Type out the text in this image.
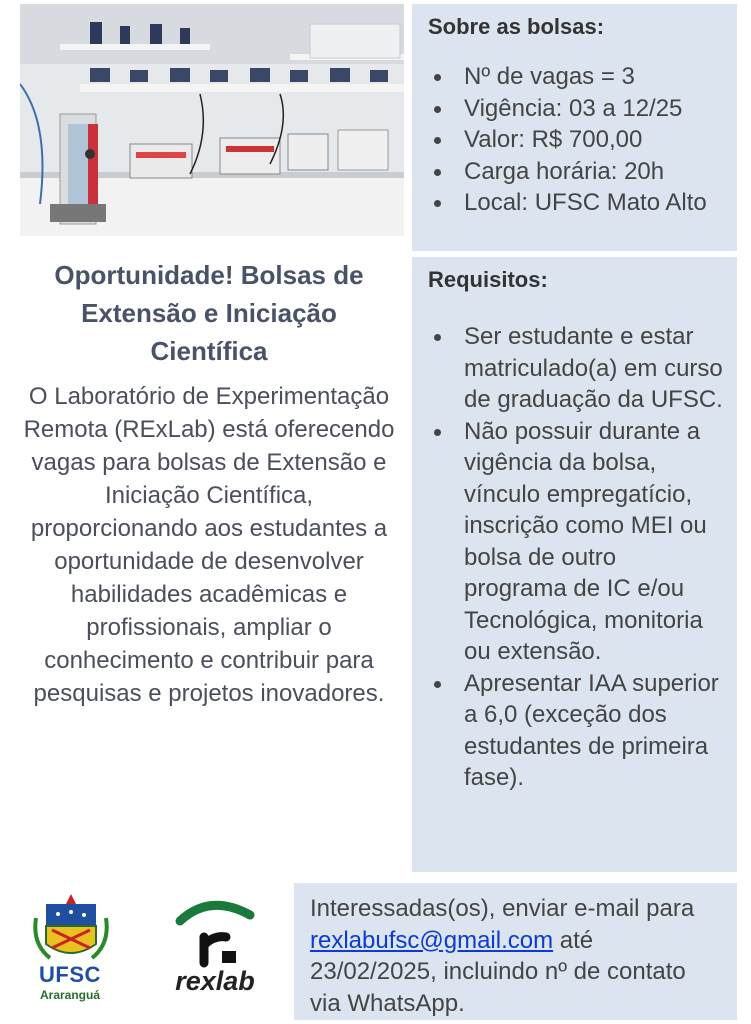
Sobre as bolsas:
Nº de vagas = 3
Vigência: 03 a 12/25
Valor: R$ 700,00
Carga horária: 20h
Local: UFSC Mato Alto
Oportunidade! Bolsas de Extensão e Iniciação Científica
O Laboratório de Experimentação Remota (RExLab) está oferecendo vagas para bolsas de Extensão e Iniciação Científica, proporcionando aos estudantes a oportunidade de desenvolver habilidades acadêmicas e profissionais, ampliar o conhecimento e contribuir para pesquisas e projetos inovadores.
Requisitos:
Ser estudante e estar matriculado(a) em curso de graduação da UFSC.
Não possuir durante a vigência da bolsa, vínculo empregatício, inscrição como MEI ou bolsa de outro programa de IC e/ou Tecnológica, monitoria ou extensão.
Apresentar IAA superior a 6,0 (exceção dos estudantes de primeira fase).
UFSC
Araranguá	rexlab
Interessadas(os), enviar e-mail para rexlabufsc@gmail.com até 23/02/2025, incluindo nº de contato via WhatsApp.
